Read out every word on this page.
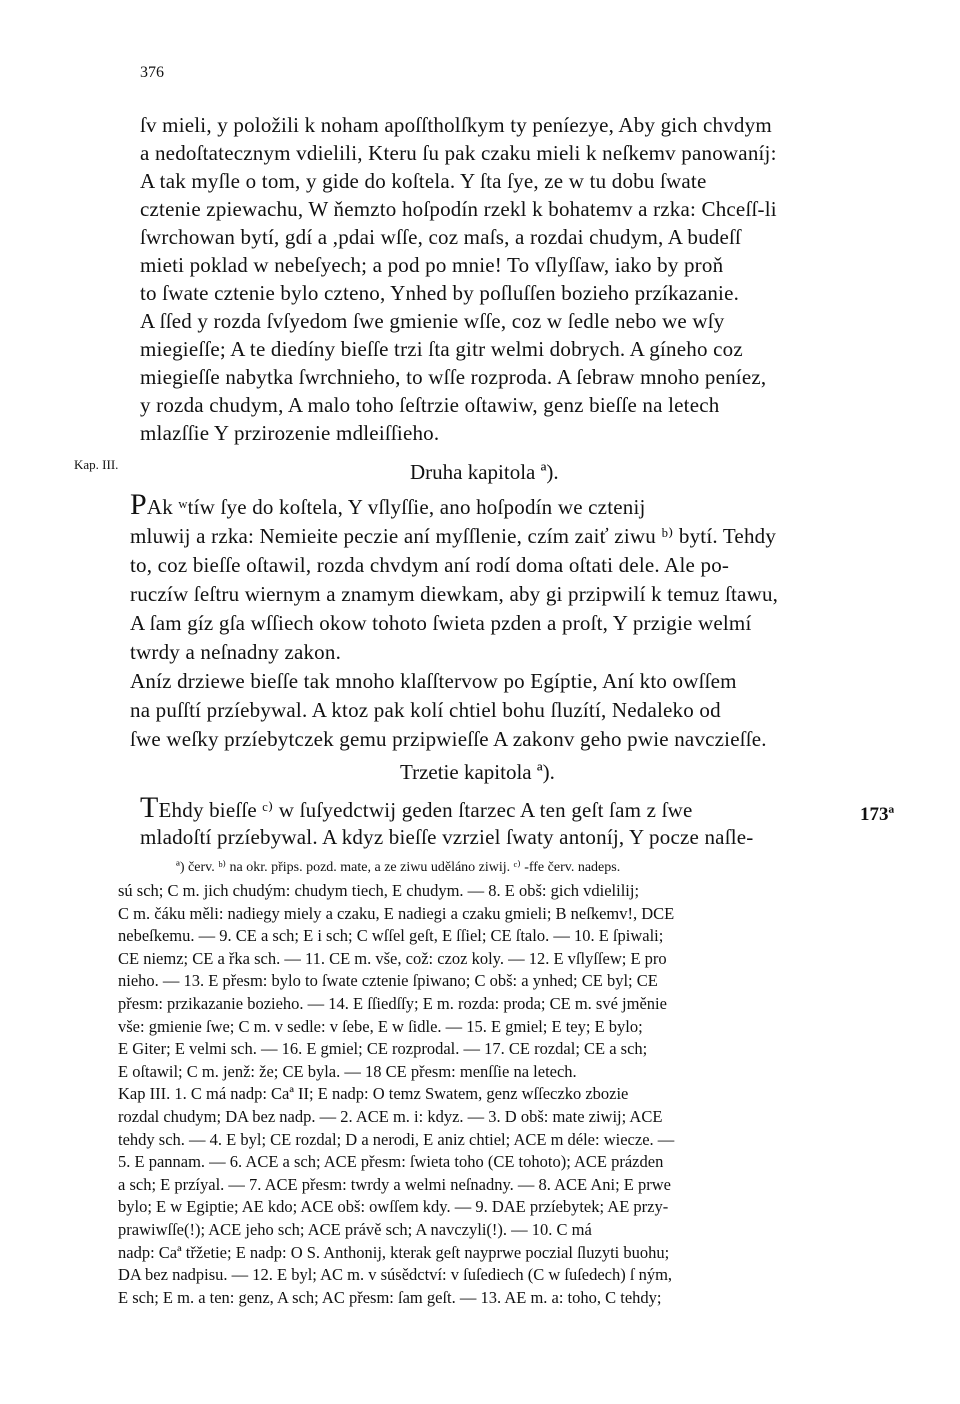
376
ſv mieli, y položili k noham apoſſtholſkym ty peníezye, Aby gich chvdym
a nedoſtatecznym vdielili, Kteru ſu pak czaku mieli k neſkemv panowaníj:
A tak myſle o tom, y gide do koſtela. Y ſta ſye, ze w tu dobu ſwate
cztenie zpiewachu, W ňemzto hoſpodín rzekl k bohatemv a rzka: Chceſſ-li
ſwrchowan bytí, gdí a ,pdai wſſe, coz maſs, a rozdai chudym, A budeſſ
mieti poklad w nebeſyech; a pod po mnie! To vſlyſſaw, iako by proň
to ſwate cztenie bylo czteno, Ynhed by poſluſſen bozieho przíkazanie.
A ſſed y rozda ſvſyedom ſwe gmienie wſſe, coz w ſedle nebo we wſy
miegieſſe; A te diedíny bieſſe trzi ſta gitr welmi dobrych. A gíneho coz
miegieſſe nabytka ſwrchnieho, to wſſe rozproda. A ſebraw mnoho peníez,
y rozda chudym, A malo toho ſeſtrzie oſtawiw, genz bieſſe na letech
mlazſſie Y przirozenie mdleiſſieho.
Kap. III.	Druha kapitola ª).
PAk ʷtíw ſye do koſtela, Y vſlyſſie, ano hoſpodín we cztenij
mluwij a rzka: Nemieite peczie aní myſſlenie, czím zaiť ziwu ᵇ⁾ bytí. Tehdy
to, coz bieſſe oſtawil, rozda chvdym aní rodí doma oſtati dele. Ale po-
ruczíw ſeſtru wiernym a znamym diewkam, aby gi przipwilí k temuz ſtawu,
A ſam gíz gſa wſſiech okow tohoto ſwieta pzden a proſt, Y przigie welmí
twrdy a neſnadny zakon.
Aníz drziewe bieſſe tak mnoho klaſſtervow po Egíptie, Aní kto owſſem
na puſſtí przíebywal. A ktoz pak kolí chtiel bohu ſluzítí, Nedaleko od
ſwe weſky przíebytczek gemu przipwieſſe A zakonv geho pwie navczieſſe.
Trzetie kapitola ª).
173ª
TEhdy bieſſe ᶜ⁾ w ſuſyedctwij geden ſtarzec A ten geſt ſam z ſwe
mladoſtí przíebywal. A kdyz bieſſe vzrziel ſwaty antoníj, Y pocze naſle-
ª) červ. ᵇ⁾ na okr. přips. pozd. mate, a ze ziwu uděláno ziwij. ᶜ⁾ -ffe červ. nadeps.
sú sch; C m. jich chudým: chudym tiech, E chudym. — 8. E obš: gich vdielilij;
C m. čáku měli: nadiegy miely a czaku, E nadiegi a czaku gmieli; B neſkemv!, DCE
nebeſkemu. — 9. CE a sch; E i sch; C wſſel geſt, E ſſiel; CE ſtalo. — 10. E ſpiwali;
CE niemz; CE a řka sch. — 11. CE m. vše, což: czoz koly. — 12. E vſlyſſew; E pro
nieho. — 13. E přesm: bylo to ſwate cztenie ſpiwano; C obš: a ynhed; CE byl; CE
přesm: przikazanie bozieho. — 14. E ſſiedſſy; E m. rozda: proda; CE m. své jměnie
vše: gmienie ſwe; C m. v sedle: v ſebe, E w ſidle. — 15. E gmiel; E tey; E bylo;
E Giter; E velmi sch. — 16. E gmiel; CE rozprodal. — 17. CE rozdal; CE a sch;
E oſtawil; C m. jenž: že; CE byla. — 18 CE přesm: menſſie na letech.
Kap III. 1. C má nadp: Caª II; E nadp: O temz Swatem, genz wſſeczko zbozie
rozdal chudym; DA bez nadp. — 2. ACE m. i: kdyz. — 3. D obš: mate ziwij; ACE
tehdy sch. — 4. E byl; CE rozdal; D a nerodi, E aniz chtiel; ACE m déle: wiecze. —
5. E pannam. — 6. ACE a sch; ACE přesm: ſwieta toho (CE tohoto); ACE prázden
a sch; E przíyal. — 7. ACE přesm: twrdy a welmi neſnadny. — 8. ACE Ani; E prwe
bylo; E w Egiptie; AE kdo; ACE obš: owſſem kdy. — 9. DAE przíebytek; AE przy-
prawiwſſe(!); ACE jeho sch; ACE právě sch; A navczyli(!). — 10. C má
nadp: Caª třžetie; E nadp: O S. Anthonij, kterak geſt nayprwe poczial ſluzyti buohu;
DA bez nadpisu. — 12. E byl; AC m. v súsědctví: v ſuſediech (C w ſuſedech) ſ ným,
E sch; E m. a ten: genz, A sch; AC přesm: ſam geſt. — 13. AE m. a: toho, C tehdy;
